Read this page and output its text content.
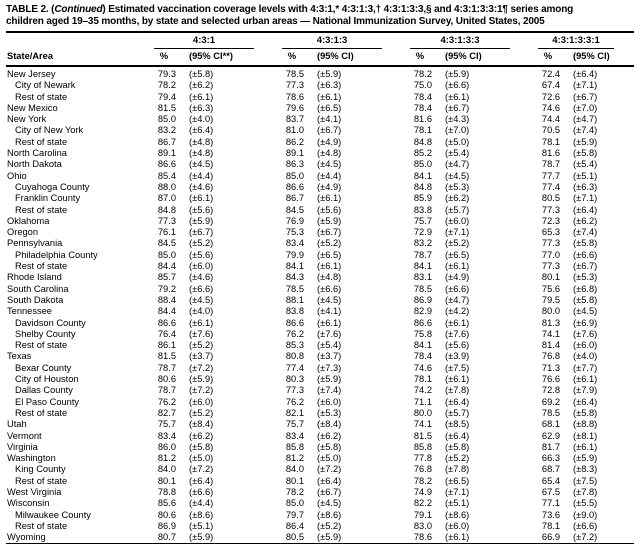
TABLE 2. (Continued) Estimated vaccination coverage levels with 4:3:1,* 4:3:1:3,† 4:3:1:3:3,§ and 4:3:1:3:3:1¶ series among
children aged 19–35 months, by state and selected urban areas — National Immunization Survey, United States, 2005

	4:3:1		4:3:1:3		4:3:1:3:3		4:3:1:3:3:1	

State/Area	%	(95% CI**)	%	(95% CI)	%	(95% CI)	%	(95% CI)
New Jersey	79.3	(±5.8)	78.5	(±5.9)	78.2	(±5.9)	72.4	(±6.4)
City of Newark	78.2	(±6.2)	77.3	(±6.3)	75.0	(±6.6)	67.4	(±7.1)
Rest of state	79.4	(±6.1)	78.6	(±6.1)	78.4	(±6.1)	72.6	(±6.7)
New Mexico	81.5	(±6.3)	79.6	(±6.5)	78.4	(±6.7)	74.6	(±7.0)
New York	85.0	(±4.0)	83.7	(±4.1)	81.6	(±4.3)	74.4	(±4.7)
City of New York	83.2	(±6.4)	81.0	(±6.7)	78.1	(±7.0)	70.5	(±7.4)
Rest of state	86.7	(±4.8)	86.2	(±4.9)	84.8	(±5.0)	78.1	(±5.9)
North Carolina	89.1	(±4.8)	89.1	(±4.8)	85.2	(±5.4)	81.6	(±5.8)
North Dakota	86.6	(±4.5)	86.3	(±4.5)	85.0	(±4.7)	78.7	(±5.4)
Ohio	85.4	(±4.4)	85.0	(±4.4)	84.1	(±4.5)	77.7	(±5.1)
Cuyahoga County	88.0	(±4.6)	86.6	(±4.9)	84.8	(±5.3)	77.4	(±6.3)
Franklin County	87.0	(±6.1)	86.7	(±6.1)	85.9	(±6.2)	80.5	(±7.1)
Rest of state	84.8	(±5.6)	84.5	(±5.6)	83.8	(±5.7)	77.3	(±6.4)
Oklahoma	77.3	(±5.9)	76.9	(±5.9)	75.7	(±6.0)	72.3	(±6.2)
Oregon	76.1	(±6.7)	75.3	(±6.7)	72.9	(±7.1)	65.3	(±7.4)
Pennsylvania	84.5	(±5.2)	83.4	(±5.2)	83.2	(±5.2)	77.3	(±5.8)
Philadelphia County	85.0	(±5.6)	79.9	(±6.5)	78.7	(±6.5)	77.0	(±6.6)
Rest of state	84.4	(±6.0)	84.1	(±6.1)	84.1	(±6.1)	77.3	(±6.7)
Rhode Island	85.7	(±4.6)	84.3	(±4.8)	83.1	(±4.9)	80.1	(±5.3)
South Carolina	79.2	(±6.6)	78.5	(±6.6)	78.5	(±6.6)	75.6	(±6.8)
South Dakota	88.4	(±4.5)	88.1	(±4.5)	86.9	(±4.7)	79.5	(±5.8)
Tennessee	84.4	(±4.0)	83.8	(±4.1)	82.9	(±4.2)	80.0	(±4.5)
Davidson County	86.6	(±6.1)	86.6	(±6.1)	86.6	(±6.1)	81.3	(±6.9)
Shelby County	76.4	(±7.6)	76.2	(±7.6)	75.8	(±7.6)	74.1	(±7.6)
Rest of state	86.1	(±5.2)	85.3	(±5.4)	84.1	(±5.6)	81.4	(±6.0)
Texas	81.5	(±3.7)	80.8	(±3.7)	78.4	(±3.9)	76.8	(±4.0)
Bexar County	78.7	(±7.2)	77.4	(±7.3)	74.6	(±7.5)	71.3	(±7.7)
City of Houston	80.6	(±5.9)	80.3	(±5.9)	78.1	(±6.1)	76.6	(±6.1)
Dallas County	78.7	(±7.2)	77.3	(±7.4)	74.2	(±7.8)	72.8	(±7.9)
El Paso County	76.2	(±6.0)	76.2	(±6.0)	71.1	(±6.4)	69.2	(±6.4)
Rest of state	82.7	(±5.2)	82.1	(±5.3)	80.0	(±5.7)	78.5	(±5.8)
Utah	75.7	(±8.4)	75.7	(±8.4)	74.1	(±8.5)	68.1	(±8.8)
Vermont	83.4	(±6.2)	83.4	(±6.2)	81.5	(±6.4)	62.9	(±8.1)
Virginia	86.0	(±5.8)	85.8	(±5.8)	85.8	(±5.8)	81.7	(±6.1)
Washington	81.2	(±5.0)	81.2	(±5.0)	77.8	(±5.2)	66.3	(±5.9)
King County	84.0	(±7.2)	84.0	(±7.2)	76.8	(±7.8)	68.7	(±8.3)
Rest of state	80.1	(±6.4)	80.1	(±6.4)	78.2	(±6.5)	65.4	(±7.5)
West Virginia	78.8	(±6.6)	78.2	(±6.7)	74.9	(±7.1)	67.5	(±7.8)
Wisconsin	85.6	(±4.4)	85.0	(±4.5)	82.2	(±5.1)	77.1	(±5.5)
Milwaukee County	80.6	(±8.6)	79.7	(±8.6)	79.1	(±8.6)	73.6	(±9.0)
Rest of state	86.9	(±5.1)	86.4	(±5.2)	83.0	(±6.0)	78.1	(±6.6)
Wyoming	80.7	(±5.9)	80.5	(±5.9)	78.6	(±6.1)	66.9	(±7.2)
